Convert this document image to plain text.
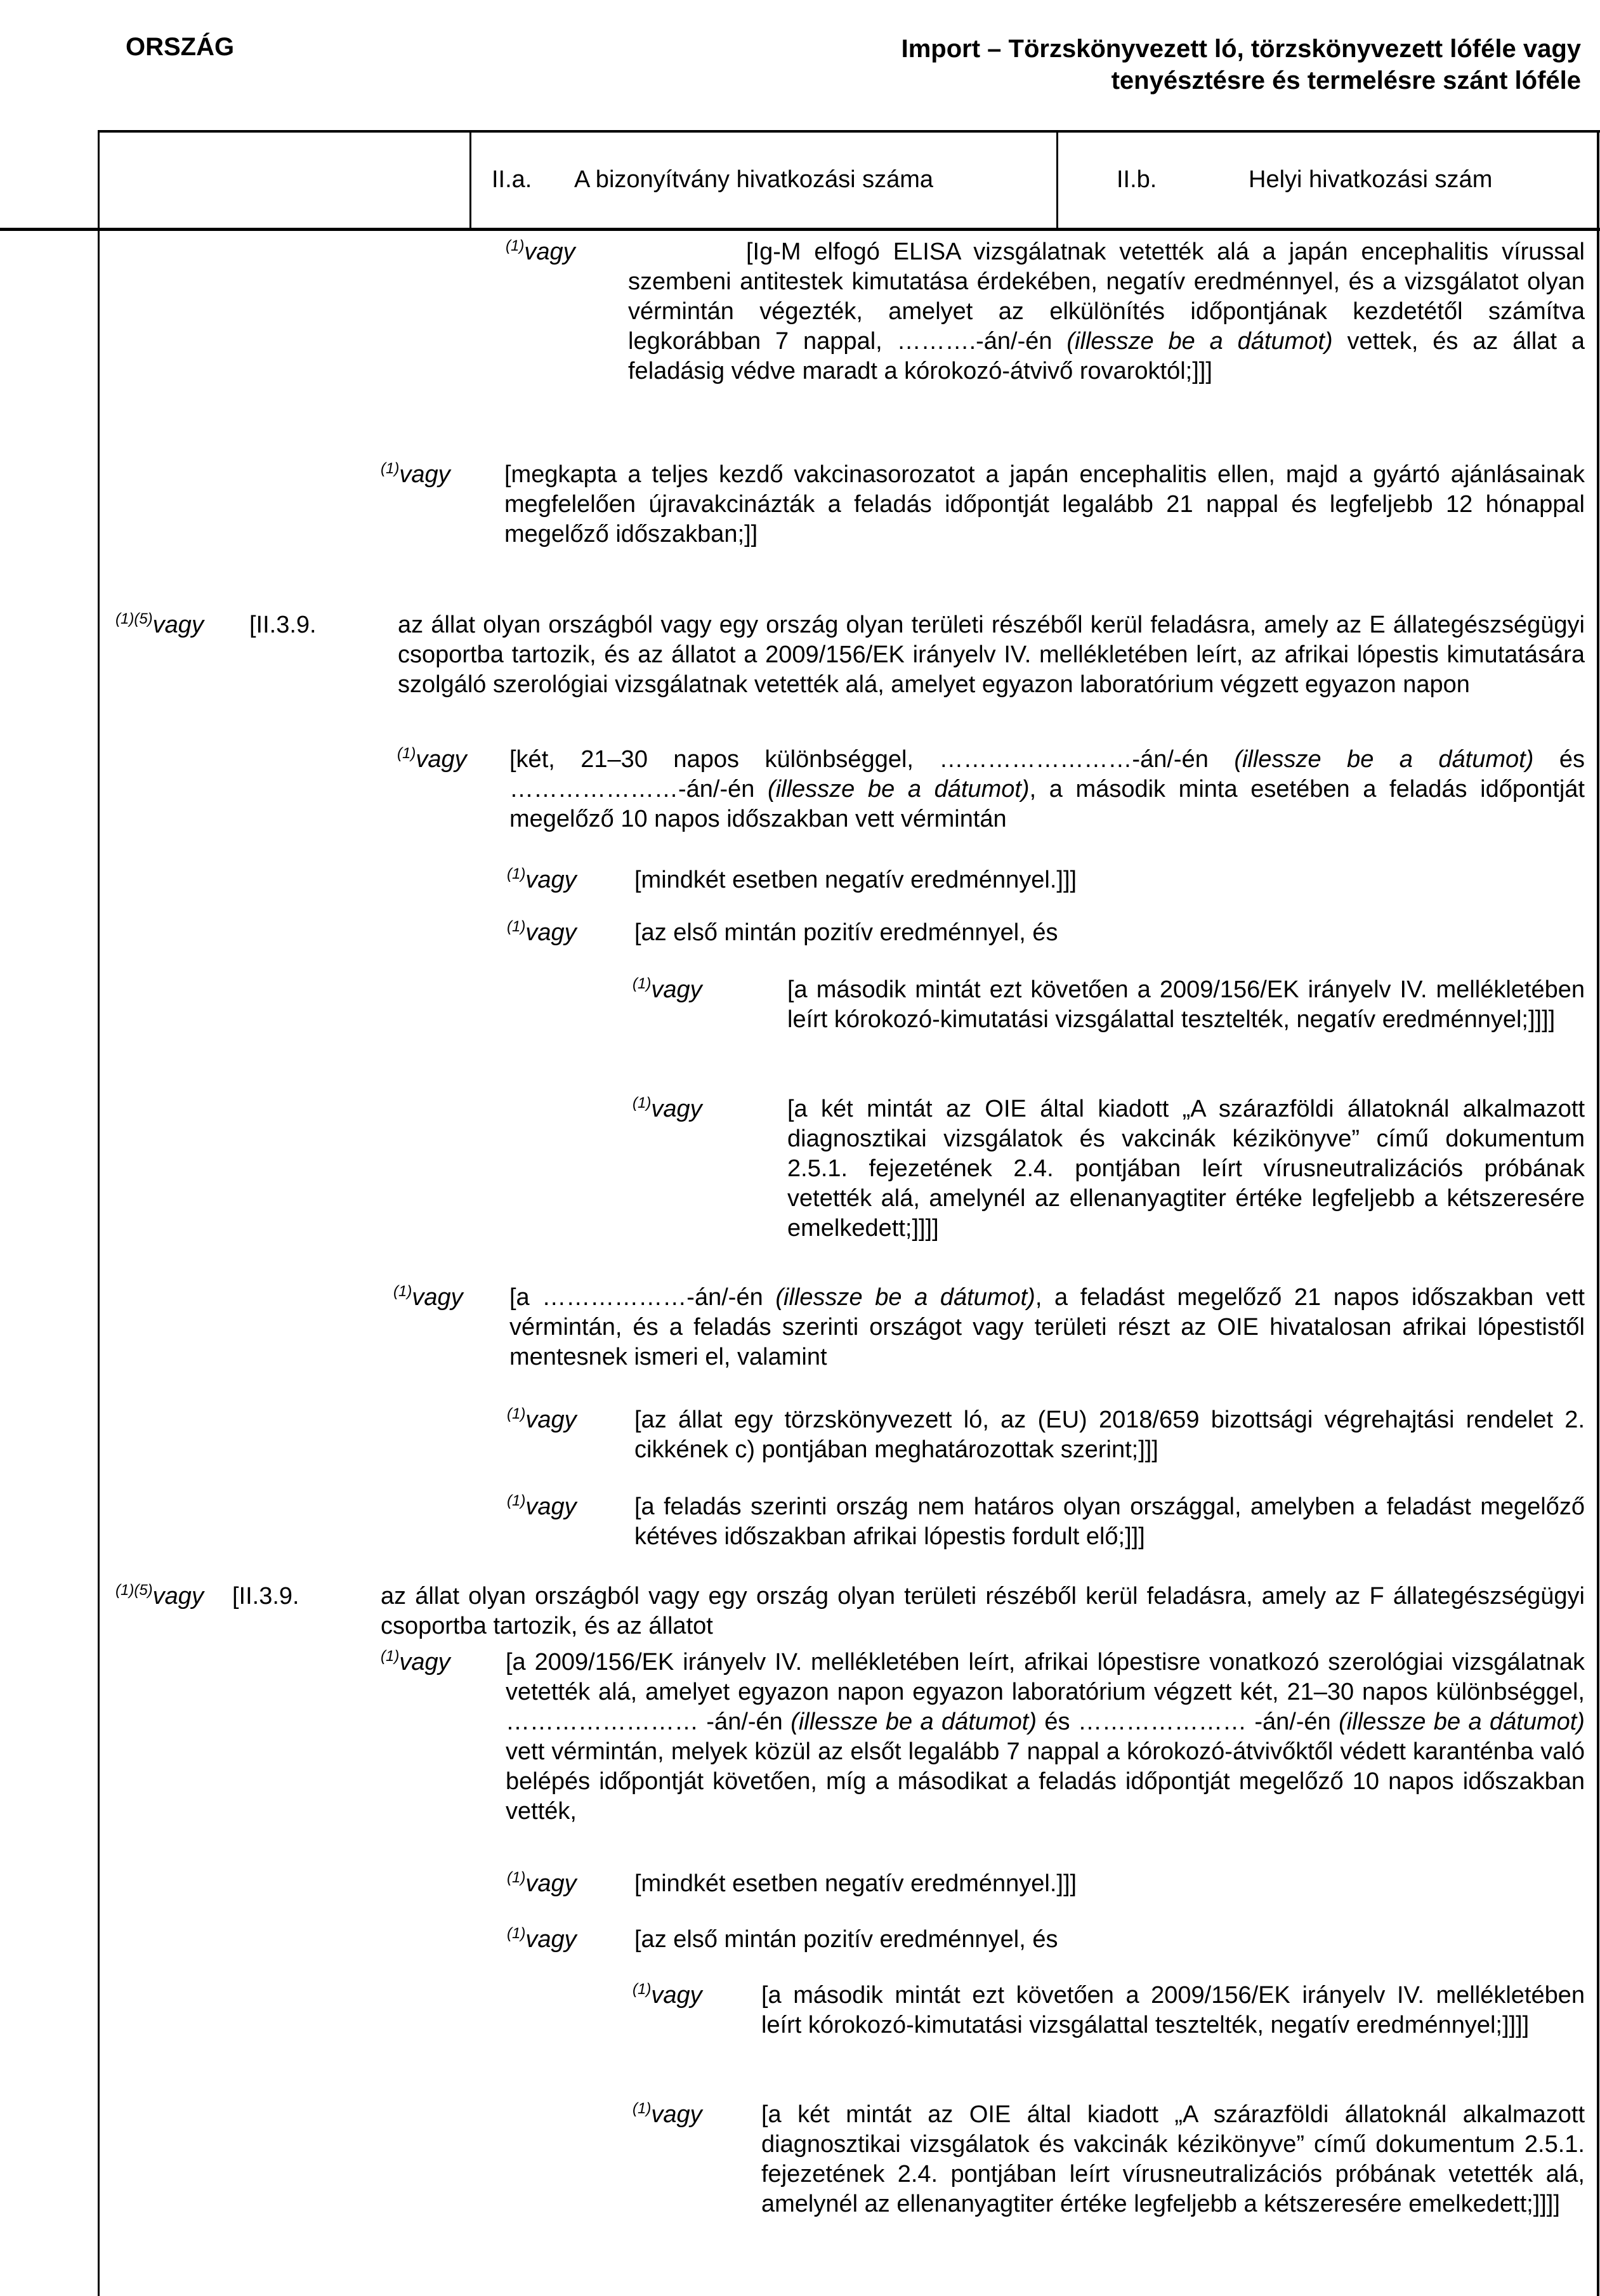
ORSZÁG	Import – Törzskönyvezett ló, törzskönyvezett lóféle vagy
tenyésztésre és termelésre szánt lóféle
II.a. A bizonyítvány hivatkozási száma	II.b.	Helyi hivatkozási szám
$^{(1)}$vagy	[Ig-M elfogó ELISA vizsgálatnak vetették alá a japán encephalitis vírussal szembeni antitestek kimutatása érdekében, negatív eredménnyel, és a vizsgálatot olyan vérmintán végezték, amelyet az elkülönítés időpontjának kezdetétől számítva legkorábban 7 nappal, ……….-án/-én (illessze be a dátumot) vettek, és az állat a feladásig védve maradt a kórokozó-átvivő rovaroktól;]]]
$^{(1)}$vagy [megkapta a teljes kezdő vakcinasorozatot a japán encephalitis ellen, majd a gyártó ajánlásainak megfelelően újravakcinázták a feladás időpontját legalább 21 nappal és legfeljebb 12 hónappal megelőző időszakban;]]
$^{(1)(5)}$vagy [II.3.9.	az állat olyan országból vagy egy ország olyan területi részéből kerül feladásra, amely az E állategészségügyi csoportba tartozik, és az állatot a 2009/156/EK irányelv IV. mellékletében leírt, az afrikai lópestis kimutatására szolgáló szerológiai vizsgálatnak vetették alá, amelyet egyazon laboratórium végzett egyazon napon
$^{(1)}$vagy [két, 21–30 napos különbséggel, ……………………-án/-én (illessze be a dátumot) és …………………-án/-én (illessze be a dátumot), a második minta esetében a feladás időpontját megelőző 10 napos időszakban vett vérmintán
$^{(1)}$vagy [mindkét esetben negatív eredménnyel.]]]
$^{(1)}$vagy [az első mintán pozitív eredménnyel, és
$^{(1)}$vagy	[a második mintát ezt követően a 2009/156/EK irányelv IV. mellékletében leírt kórokozó-kimutatási vizsgálattal tesztelték, negatív eredménnyel;]]]]
$^{(1)}$vagy	[a két mintát az OIE által kiadott „A szárazföldi állatoknál alkalmazott diagnosztikai vizsgálatok és vakcinák kézikönyve” című dokumentum 2.5.1. fejezetének 2.4. pontjában leírt vírusneutralizációs próbának vetették alá, amelynél az ellenanyagtiter értéke legfeljebb a kétszeresére emelkedett;]]]]
$^{(1)}$vagy [a ………………-án/-én (illessze be a dátumot), a feladást megelőző 21 napos időszakban vett vérmintán, és a feladás szerinti országot vagy területi részt az OIE hivatalosan afrikai lópestistől mentesnek ismeri el, valamint
$^{(1)}$vagy [az állat egy törzskönyvezett ló, az (EU) 2018/659 bizottsági végrehajtási rendelet 2. cikkének c) pontjában meghatározottak szerint;]]]
$^{(1)}$vagy [a feladás szerinti ország nem határos olyan országgal, amelyben a feladást megelőző kétéves időszakban afrikai lópestis fordult elő;]]]
$^{(1)(5)}$vagy [II.3.9.	az állat olyan országból vagy egy ország olyan területi részéből kerül feladásra, amely az F állategészségügyi csoportba tartozik, és az állatot
$^{(1)}$vagy [a 2009/156/EK irányelv IV. mellékletében leírt, afrikai lópestisre vonatkozó szerológiai vizsgálatnak vetették alá, amelyet egyazon napon egyazon laboratórium végzett két, 21–30 napos különbséggel, …………………… -án/-én (illessze be a dátumot) és ………………… -án/-én (illessze be a dátumot) vett vérmintán, melyek közül az elsőt legalább 7 nappal a kórokozó-átvivőktől védett karanténba való belépés időpontját követően, míg a másodikat a feladás időpontját megelőző 10 napos időszakban vették,
$^{(1)}$vagy [mindkét esetben negatív eredménnyel.]]]
$^{(1)}$vagy [az első mintán pozitív eredménnyel, és
$^{(1)}$vagy [a második mintát ezt követően a 2009/156/EK irányelv IV. mellékletében leírt kórokozó-kimutatási vizsgálattal tesztelték, negatív eredménnyel;]]]]
$^{(1)}$vagy [a két mintát az OIE által kiadott „A szárazföldi állatoknál alkalmazott diagnosztikai vizsgálatok és vakcinák kézikönyve” című dokumentum 2.5.1. fejezetének 2.4. pontjában leírt vírusneutralizációs próbának vetették alá, amelynél az ellenanyagtiter értéke legfeljebb a kétszeresére emelkedett;]]]]
